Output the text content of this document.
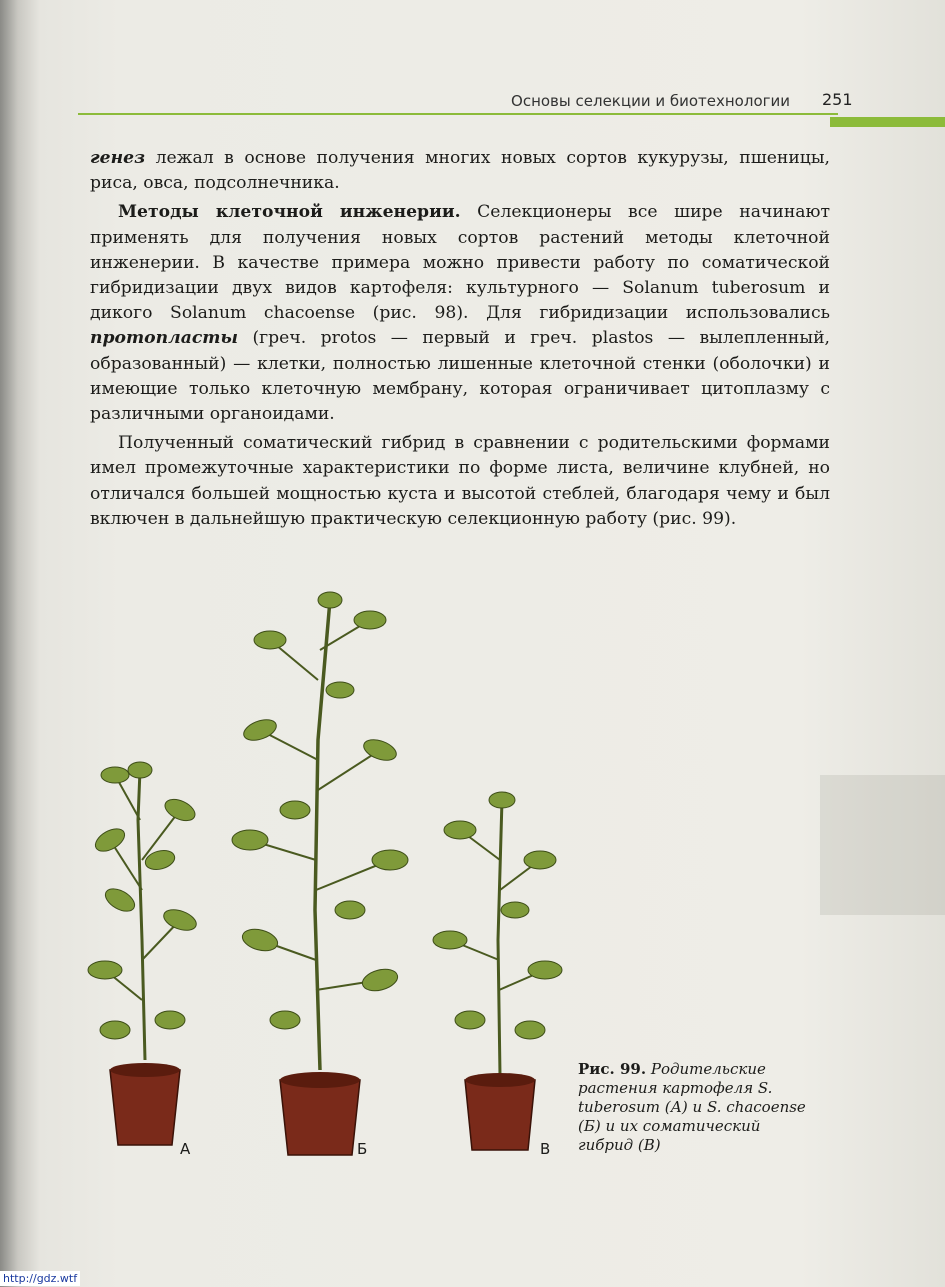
Основы селекции и биотехнологии 251

генез лежал в основе получения многих новых сортов кукурузы, пшеницы, риса, овса, подсолнечника.

Методы клеточной инженерии. Селекционеры все шире начинают применять для получения новых сортов растений методы клеточной инженерии. В качестве примера можно привести работу по соматической гибридизации двух видов картофеля: культурного — Solanum tuberosum и дикого Solanum chacoense (рис. 98). Для гибридизации использовались протопласты (греч. protos — первый и греч. plastos — вылепленный, образованный) — клетки, полностью лишенные клеточной стенки (оболочки) и имеющие только клеточную мембрану, которая ограничивает цитоплазму с различными органоидами.

Полученный соматический гибрид в сравнении с родительскими формами имел промежуточные характеристики по форме листа, величине клубней, но отличался большей мощностью куста и высотой стеблей, благодаря чему и был включен в дальнейшую практическую селекционную работу (рис. 99).

А	Б	В
Рис. 99. Родительские растения картофеля S. tuberosum (А) и S. chacoense (Б) и их соматический гибрид (В)
http://gdz.wtf
